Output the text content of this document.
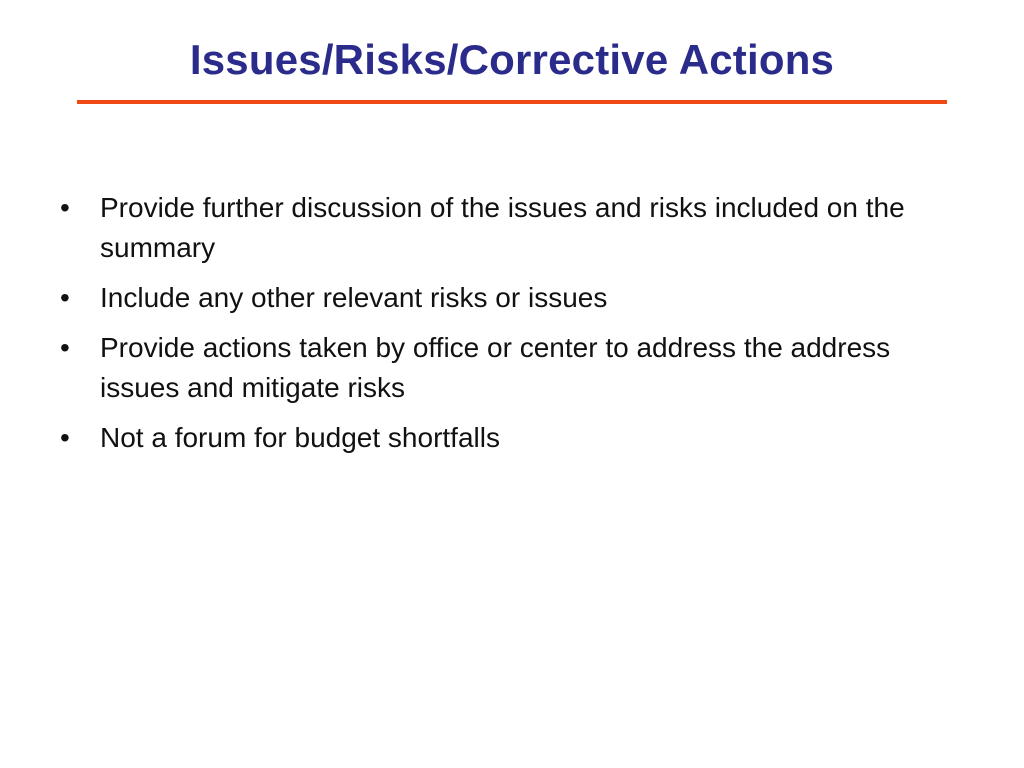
Issues/Risks/Corrective Actions
•	Provide further discussion of the issues and risks included on the summary
•	Include any other relevant risks or issues
•	Provide actions taken by office or center to address the address issues and mitigate risks
•	Not a forum for budget shortfalls
